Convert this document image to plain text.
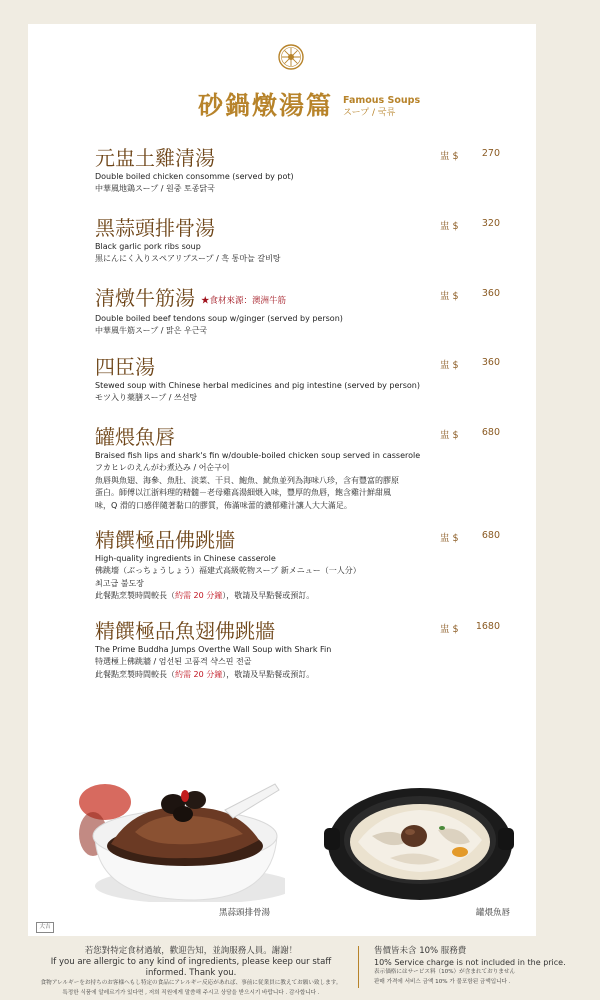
砂鍋燉湯篇 Famous Soups
スープ / 국류
元盅土雞清湯
Double boiled chicken consomme (served by pot)
中華風地鶏スープ / 원중 토종닭국
盅 $ 270
黑蒜頭排骨湯
Black garlic pork ribs soup
黒にんにく入りスペアリブスープ / 흑 통마늘 갈비탕
盅 $ 320
清燉牛筋湯 ★食材來源：澳洲牛筋
Double boiled beef tendons soup w/ginger (served by person)
中華風牛筋スープ / 맑은 우근국
盅 $ 360
四臣湯
Stewed soup with Chinese herbal medicines and pig intestine (served by person)
モツ入り薬膳スープ / 쓰선탕
盅 $ 360
罐煨魚唇
Braised fish lips and shark's fin w/double-boiled chicken soup served in casserole
フカヒレのえんがわ煮込み / 어순구이
魚唇與魚翅、海參、魚肚、淡菜、干貝、鮑魚、魷魚並列為海味八珍，含有豐富的膠原蛋白。師傅以江浙料理的精髓－老母雞高湯細煨入味，豐厚的魚唇，飽含雞汁鮮甜風味，Q 滑的口感伴隨著黏口的膠質，佈滿味蕾的濃郁雞汁讓人大大滿足。
盅 $ 680
精饌極品佛跳牆
High-quality ingredients in Chinese casserole
佛跳墻（ぶっちょうしょう）福建式高級乾物スープ 新メニュー（一人分）
최고급 불도장
此餐點烹製時間較長（約需 20 分鐘），敬請及早點餐或預訂。
盅 $ 680
精饌極品魚翅佛跳牆
The Prime Buddha Jumps Overthe Wall Soup with Shark Fin
特選極上佛跳牆 / 엄선된 고품격 샥스핀 전골
此餐點烹製時間較長（約需 20 分鐘），敬請及早點餐或預訂。
盅 $ 1680
黑蒜頭排骨湯	罐煨魚唇
大吉
若您對特定食材過敏，歡迎告知，並詢服務人員。謝謝！
If you are allergic to any kind of ingredients, please keep our staff informed. Thank you.
食物アレルギーをお持ちのお客様へもし特定の食品にアレルギー反応があれば、事前に従業員に教えてお願い致します。
특정한 식품에 알레르기가 있다면 , 저희 직원에게 말씀해 주시고 상담을 받으시기 바랍니다 . 감사합니다 .
售價皆未含 10% 服務費
10% Service charge is not included in the price.
表示価格にはサービス料（10%）が含まれておりません
판매 가격에 서비스 금액 10% 가 불포함된 금액입니다 .
